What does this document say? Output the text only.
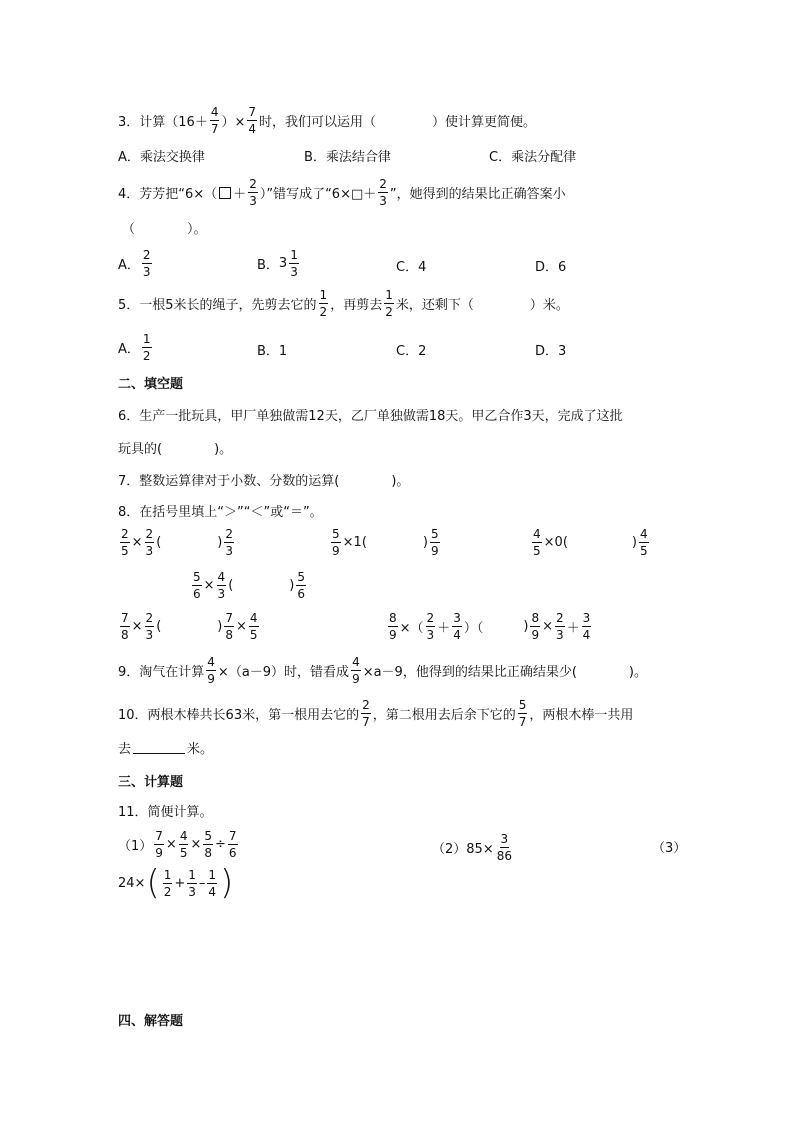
3．计算（$16+ \frac{4}{7}$ ）× $\frac{7}{4}$ 时，我们可以运用（	）使计算更简便。
A．乘法交换律	B．乘法结合律	C．乘法分配律
4．芳芳把“$6\times( + \frac{2}{3}$ ）”错写成了“6×□＋ $\frac{2}{3}$ ”，她得到的结果比正确答案小
（　　　　）。
A． $\frac{2}{3}$	B． $3 \frac{1}{3}$	C．4	D．6
5．一根5米长的绳子，先剪去它的 $\frac{1}{2}$ ，再剪去 $\frac{1}{2}$ 米，还剩下（	）米。
A． $\frac{1}{2}$	B．1	C．2	D．3
二、填空题
6．生产一批玩具，甲厂单独做需12天，乙厂单独做需18天。甲乙合作3天，完成了这批
玩具的(　　　　)。
7．整数运算律对于小数、分数的运算(　　　　)。
8．在括号里填上“＞”“＜”或“＝”。
$\frac{2}{5} \times \frac{2}{3}$ (	) $\frac{2}{3}$	$\frac{5}{9} \times 1$ (	) $\frac{5}{9}$	$\frac{4}{5} \times 0$ (	) $\frac{4}{5}$
$\frac{5}{6} \times \frac{4}{3}$ (	) $\frac{5}{6}$
$\frac{7}{8} \times \frac{2}{3}$ (	) $\frac{7}{8} \times \frac{4}{5}$	$\frac{8}{9}$ ×（ $\frac{2}{3} + \frac{3}{4}$ ）（	) $\frac{8}{9} \times \frac{2}{3} + \frac{3}{4}$
9．淘气在计算 $\frac{4}{9} \times(a-9)$时，错看成 $\frac{4}{9} \times a-9$，他得到的结果比正确结果少(　　　　)。
10．两根木棒共长63米，第一根用去它的 $\frac{2}{7}$ ，第二根用去后余下它的 $\frac{5}{7}$ ，两根木棒一共用
去	米。
三、计算题
11．简便计算。
$(1) \frac{7}{9} \times \frac{4}{5} \times \frac{5}{8} \div \frac{7}{6}$	$(2)85\times \frac{3}{86}$	（3）
24× ( $\frac{1}{2} + \frac{1}{3} - \frac{1}{4}$ )
四、解答题
